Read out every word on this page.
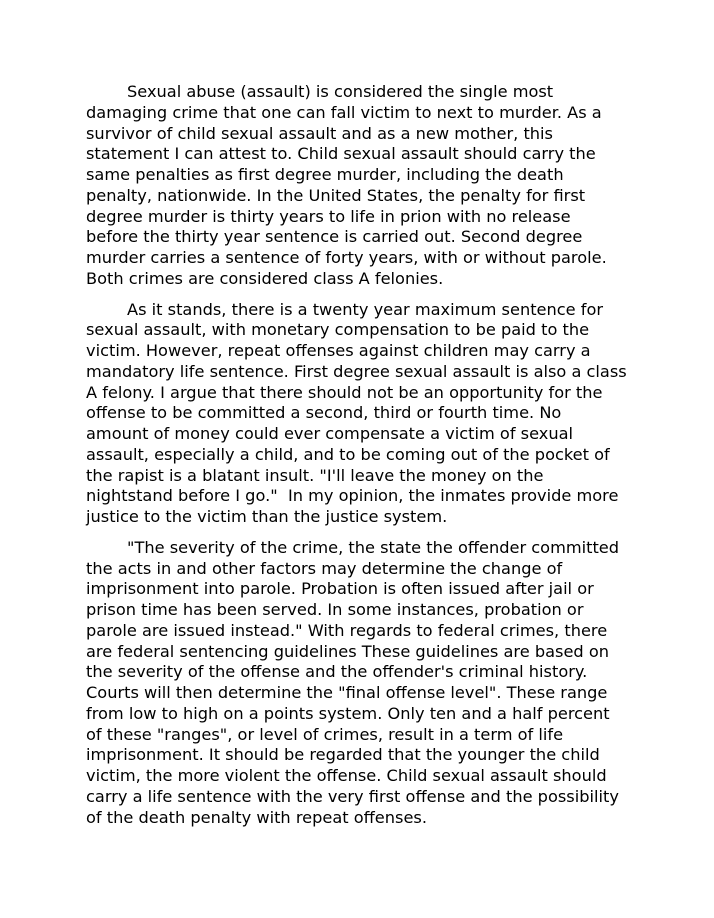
Sexual abuse (assault) is considered the single most
damaging crime that one can fall victim to next to murder. As a
survivor of child sexual assault and as a new mother, this
statement I can attest to. Child sexual assault should carry the
same penalties as first degree murder, including the death
penalty, nationwide. In the United States, the penalty for first
degree murder is thirty years to life in prion with no release
before the thirty year sentence is carried out. Second degree
murder carries a sentence of forty years, with or without parole.
Both crimes are considered class A felonies.
As it stands, there is a twenty year maximum sentence for
sexual assault, with monetary compensation to be paid to the
victim. However, repeat offenses against children may carry a
mandatory life sentence. First degree sexual assault is also a class
A felony. I argue that there should not be an opportunity for the
offense to be committed a second, third or fourth time. No
amount of money could ever compensate a victim of sexual
assault, especially a child, and to be coming out of the pocket of
the rapist is a blatant insult. "I'll leave the money on the
nightstand before I go."  In my opinion, the inmates provide more
justice to the victim than the justice system.
"The severity of the crime, the state the offender committed
the acts in and other factors may determine the change of
imprisonment into parole. Probation is often issued after jail or
prison time has been served. In some instances, probation or
parole are issued instead." With regards to federal crimes, there
are federal sentencing guidelines These guidelines are based on
the severity of the offense and the offender's criminal history.
Courts will then determine the "final offense level". These range
from low to high on a points system. Only ten and a half percent
of these "ranges", or level of crimes, result in a term of life
imprisonment. It should be regarded that the younger the child
victim, the more violent the offense. Child sexual assault should
carry a life sentence with the very first offense and the possibility
of the death penalty with repeat offenses.
